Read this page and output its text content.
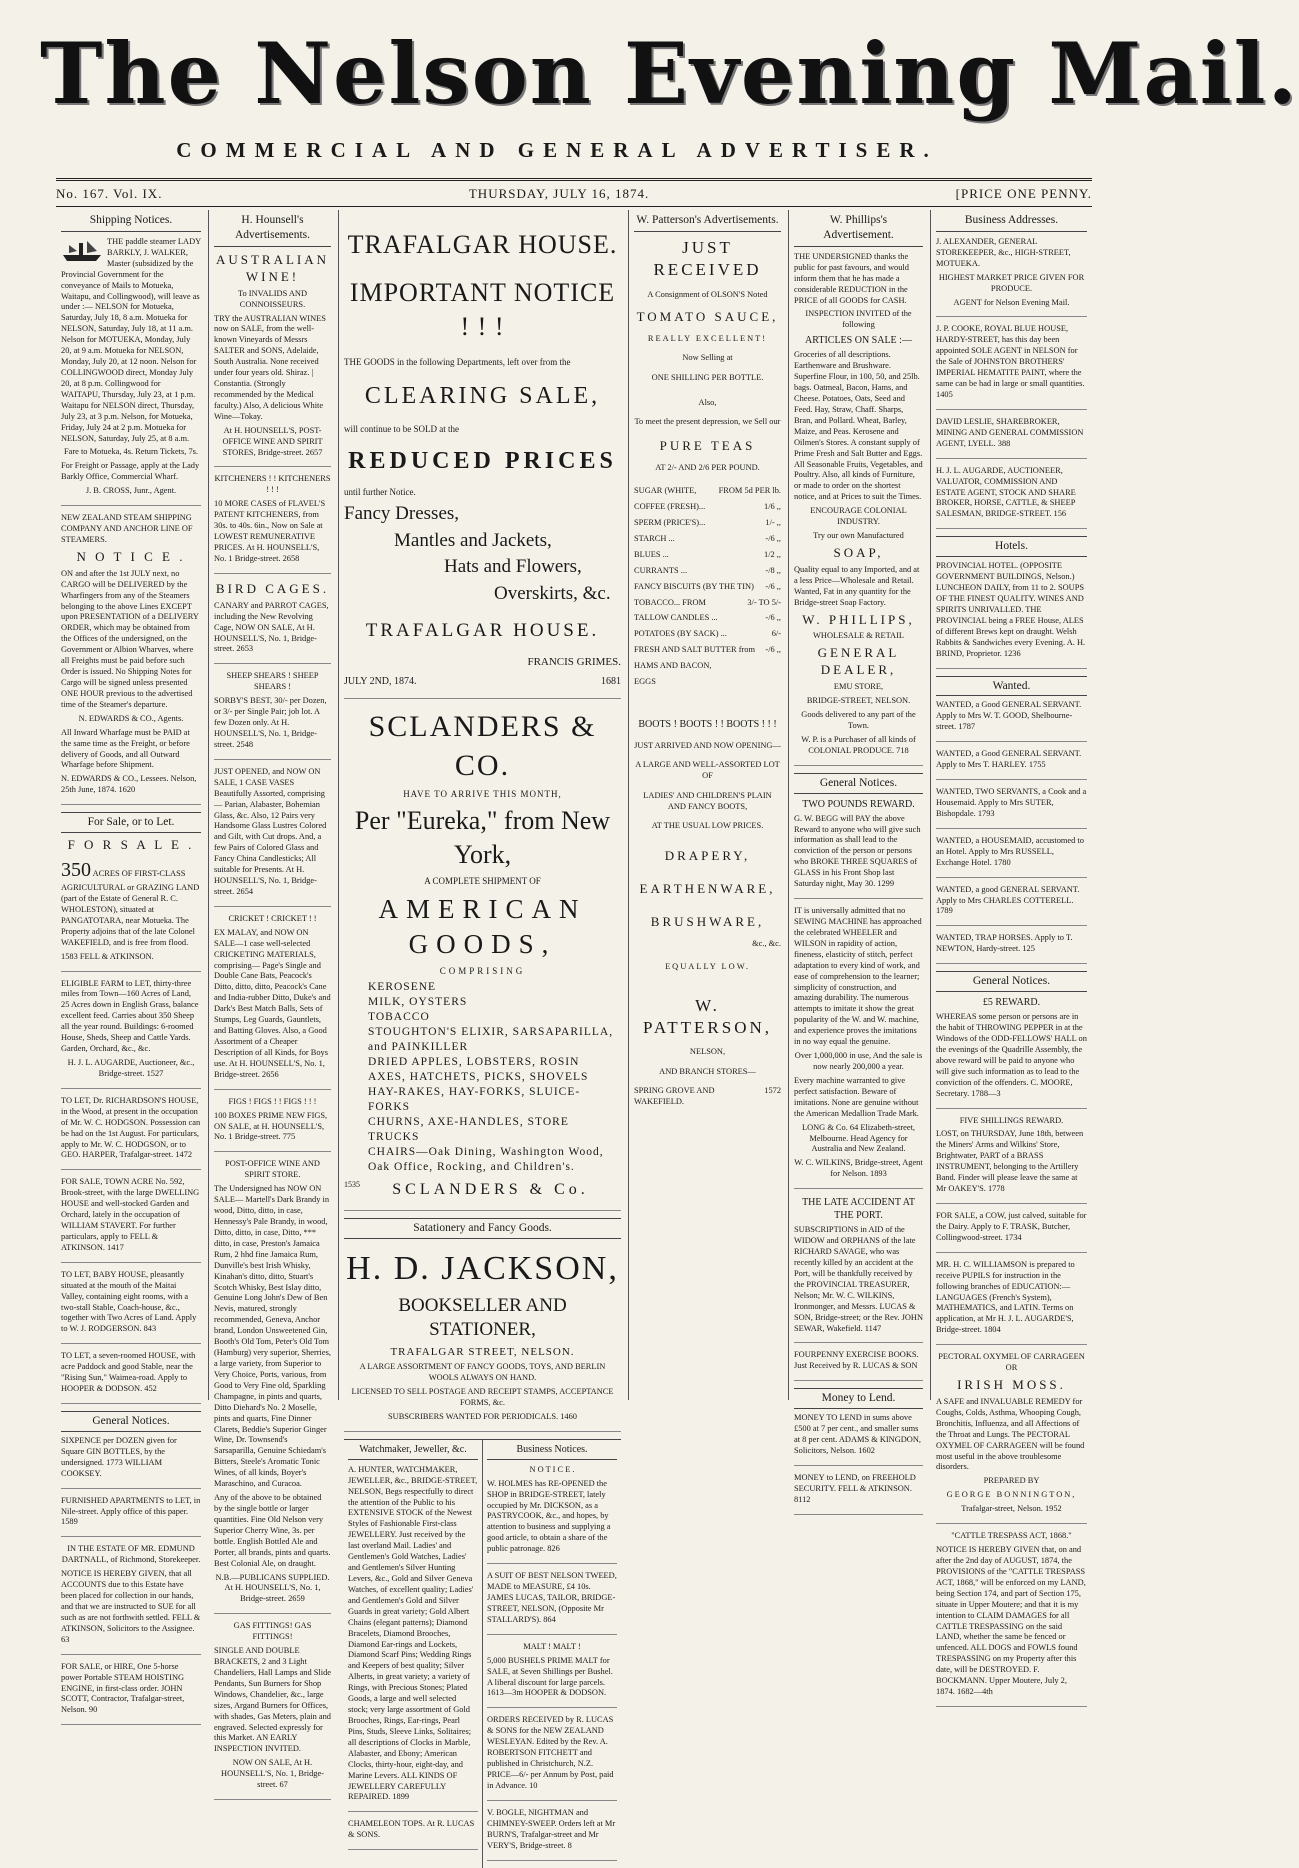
The Nelson Evening Mail.
COMMERCIAL AND GENERAL ADVERTISER.
No. 167. Vol. IX.	THURSDAY, JULY 16, 1874.	[PRICE ONE PENNY.
Shipping Notices.

THE paddle steamer LADY BARKLY, J. WALKER, Master (subsidized by the Provincial Government for the conveyance of Mails to Motueka, Waitapu, and Collingwood), will leave as under :— NELSON for Motueka, Saturday, July 18, 8 a.m. Motueka for NELSON, Saturday, July 18, at 11 a.m. Nelson for MOTUEKA, Monday, July 20, at 9 a.m. Motueka for NELSON, Monday, July 20, at 12 noon. Nelson for COLLINGWOOD direct, Monday July 20, at 8 p.m. Collingwood for WAITAPU, Thursday, July 23, at 1 p.m. Waitapu for NELSON direct, Thursday, July 23, at 3 p.m. Nelson, for Motueka, Friday, July 24 at 2 p.m. Motueka for NELSON, Saturday, July 25, at 8 a.m.

Fare to Motueka, 4s. Return Tickets, 7s.

For Freight or Passage, apply at the Lady Barkly Office, Commercial Wharf.

J. B. CROSS, Junr., Agent.

NEW ZEALAND STEAM SHIPPING COMPANY AND ANCHOR LINE OF STEAMERS.

N O T I C E .

ON and after the 1st JULY next, no CARGO will be DELIVERED by the Wharfingers from any of the Steamers belonging to the above Lines EXCEPT upon PRESENTATION of a DELIVERY ORDER, which may be obtained from the Offices of the undersigned, on the Government or Albion Wharves, where all Freights must be paid before such Order is issued. No Shipping Notes for Cargo will be signed unless presented ONE HOUR previous to the advertised time of the Steamer's departure.

N. EDWARDS & CO., Agents.

All Inward Wharfage must be PAID at the same time as the Freight, or before delivery of Goods, and all Outward Wharfage before Shipment.

N. EDWARDS & CO., Lessees. Nelson, 25th June, 1874. 1620

For Sale, or to Let.

F O R S A L E .

350 ACRES OF FIRST-CLASS AGRICULTURAL or GRAZING LAND (part of the Estate of General R. C. WHOLESTON), situated at PANGATOTARA, near Motueka. The Property adjoins that of the late Colonel WAKEFIELD, and is free from flood.

1583 FELL & ATKINSON.

ELIGIBLE FARM to LET, thirty-three miles from Town—160 Acres of Land, 25 Acres down in English Grass, balance excellent feed. Carries about 350 Sheep all the year round. Buildings: 6-roomed House, Sheds, Sheep and Cattle Yards. Garden, Orchard, &c., &c.

H. J. L. AUGARDE, Auctioneer, &c., Bridge-street. 1527

TO LET, Dr. RICHARDSON'S HOUSE, in the Wood, at present in the occupation of Mr. W. C. HODGSON. Possession can be had on the 1st August. For particulars, apply to Mr. W. C. HODGSON, or to GEO. HARPER, Trafalgar-street. 1472

FOR SALE, TOWN ACRE No. 592, Brook-street, with the large DWELLING HOUSE and well-stocked Garden and Orchard, lately in the occupation of WILLIAM STAVERT. For further particulars, apply to FELL & ATKINSON. 1417

TO LET, BABY HOUSE, pleasantly situated at the mouth of the Maitai Valley, containing eight rooms, with a two-stall Stable, Coach-house, &c., together with Two Acres of Land. Apply to W. J. RODGERSON. 843

TO LET, a seven-roomed HOUSE, with acre Paddock and good Stable, near the "Rising Sun," Waimea-road. Apply to HOOPER & DODSON. 452

General Notices.

SIXPENCE per DOZEN given for Square GIN BOTTLES, by the undersigned. 1773 WILLIAM COOKSEY.

FURNISHED APARTMENTS to LET, in Nile-street. Apply office of this paper. 1589

IN THE ESTATE OF MR. EDMUND DARTNALL, of Richmond, Storekeeper.

NOTICE IS HEREBY GIVEN, that all ACCOUNTS due to this Estate have been placed for collection in our hands, and that we are instructed to SUE for all such as are not forthwith settled. FELL & ATKINSON, Solicitors to the Assignee. 63

FOR SALE, or HIRE, One 5-horse power Portable STEAM HOISTING ENGINE, in first-class order. JOHN SCOTT, Contractor, Trafalgar-street, Nelson. 90

H. Hounsell's Advertisements.

AUSTRALIAN WINE!

To INVALIDS AND CONNOISSEURS.

TRY the AUSTRALIAN WINES now on SALE, from the well-known Vineyards of Messrs SALTER and SONS, Adelaide, South Australia. None received under four years old. Shiraz. | Constantia. (Strongly recommended by the Medical faculty.) Also, A delicious White Wine—Tokay.

At H. HOUNSELL'S, POST-OFFICE WINE AND SPIRIT STORES, Bridge-street. 2657

KITCHENERS ! ! KITCHENERS ! ! !

10 MORE CASES of FLAVEL'S PATENT KITCHENERS, from 30s. to 40s. 6in., Now on Sale at LOWEST REMUNERATIVE PRICES. At H. HOUNSELL'S, No. 1 Bridge-street. 2658

BIRD CAGES.

CANARY and PARROT CAGES, including the New Revolving Cage, NOW ON SALE, At H. HOUNSELL'S, No. 1, Bridge-street. 2653

SHEEP SHEARS ! SHEEP SHEARS !

SORBY'S BEST, 30/- per Dozen, or 3/- per Single Pair; job lot. A few Dozen only. At H. HOUNSELL'S, No. 1, Bridge-street. 2548

JUST OPENED, and NOW ON SALE, 1 CASE VASES Beautifully Assorted, comprising— Parian, Alabaster, Bohemian Glass, &c. Also, 12 Pairs very Handsome Glass Lustres Colored and Gilt, with Cut drops. And, a few Pairs of Colored Glass and Fancy China Candlesticks; All suitable for Presents. At H. HOUNSELL'S, No. 1, Bridge-street. 2654

CRICKET ! CRICKET ! !

EX MALAY, and NOW ON SALE—1 case well-selected CRICKETING MATERIALS, comprising— Page's Single and Double Cane Bats, Peacock's Ditto, ditto, ditto, Peacock's Cane and India-rubber Ditto, Duke's and Dark's Best Match Balls, Sets of Stumps, Leg Guards, Gauntlets, and Batting Gloves. Also, a Good Assortment of a Cheaper Description of all Kinds, for Boys use. At H. HOUNSELL'S, No. 1, Bridge-street. 2656

FIGS ! FIGS ! ! FIGS ! ! !

100 BOXES PRIME NEW FIGS, ON SALE, at H. HOUNSELL'S, No. 1 Bridge-street. 775

POST-OFFICE WINE AND SPIRIT STORE.

The Undersigned has NOW ON SALE— Martell's Dark Brandy in wood, Ditto, ditto, in case, Hennessy's Pale Brandy, in wood, Ditto, ditto, in case, Ditto, *** ditto, in case, Preston's Jamaica Rum, 2 hhd fine Jamaica Rum, Dunville's best Irish Whisky, Kinahan's ditto, ditto, Stuart's Scotch Whisky, Best Islay ditto, Genuine Long John's Dew of Ben Nevis, matured, strongly recommended, Geneva, Anchor brand, London Unsweetened Gin, Booth's Old Tom, Peter's Old Tom (Hamburg) very superior, Sherries, a large variety, from Superior to Very Choice, Ports, various, from Good to Very Fine old, Sparkling Champagne, in pints and quarts, Ditto Diehard's No. 2 Moselle, pints and quarts, Fine Dinner Clarets, Beddie's Superior Ginger Wine, Dr. Townsend's Sarsaparilla, Genuine Schiedam's Bitters, Steele's Aromatic Tonic Wines, of all kinds, Boyer's Maraschino, and Curacoa.

Any of the above to be obtained by the single bottle or larger quantities. Fine Old Nelson very Superior Cherry Wine, 3s. per bottle. English Bottled Ale and Porter, all brands, pints and quarts. Best Colonial Ale, on draught.

N.B.—PUBLICANS SUPPLIED. At H. HOUNSELL'S, No. 1, Bridge-street. 2659

GAS FITTINGS! GAS FITTINGS!

SINGLE AND DOUBLE BRACKETS, 2 and 3 Light Chandeliers, Hall Lamps and Slide Pendants, Sun Burners for Shop Windows, Chandelier, &c., large sizes, Argand Burners for Offices, with shades, Gas Meters, plain and engraved. Selected expressly for this Market. AN EARLY INSPECTION INVITED.

NOW ON SALE, At H. HOUNSELL'S, No. 1, Bridge-street. 67

TRAFALGAR HOUSE.
IMPORTANT NOTICE ! ! !

THE GOODS in the following Departments, left over from the

CLEARING SALE,

will continue to be SOLD at the

REDUCED PRICES

until further Notice.

Fancy Dresses,
Mantles and Jackets,
Hats and Flowers,
Overskirts, &c.
TRAFALGAR HOUSE.

FRANCIS GRIMES.

JULY 2ND, 1874.	1681
SCLANDERS & CO.

HAVE TO ARRIVE THIS MONTH,

Per "Eureka," from New York,

A COMPLETE SHIPMENT OF

AMERICAN GOODS,

COMPRISING

KEROSENE
MILK, OYSTERS
TOBACCO
STOUGHTON'S ELIXIR, SARSAPARILLA, and PAINKILLER
DRIED APPLES, LOBSTERS, ROSIN
AXES, HATCHETS, PICKS, SHOVELS
HAY-RAKES, HAY-FORKS, SLUICE-FORKS
CHURNS, AXE-HANDLES, STORE TRUCKS
CHAIRS—Oak Dining, Washington Wood, Oak Office, Rocking, and Children's.
1535 SCLANDERS & Co.
Satationery and Fancy Goods.
H. D. JACKSON,
BOOKSELLER AND STATIONER,

TRAFALGAR STREET, NELSON.

A LARGE ASSORTMENT OF FANCY GOODS, TOYS, AND BERLIN WOOLS ALWAYS ON HAND.

LICENSED TO SELL POSTAGE AND RECEIPT STAMPS, ACCEPTANCE FORMS, &c.

SUBSCRIBERS WANTED FOR PERIODICALS. 1460

Watchmaker, Jeweller, &c.

A. HUNTER, WATCHMAKER, JEWELLER, &c., BRIDGE-STREET, NELSON, Begs respectfully to direct the attention of the Public to his EXTENSIVE STOCK of the Newest Styles of Fashionable First-class JEWELLERY. Just received by the last overland Mail. Ladies' and Gentlemen's Gold Watches, Ladies' and Gentlemen's Silver Hunting Levers, &c., Gold and Silver Geneva Watches, of excellent quality; Ladies' and Gentlemen's Gold and Silver Guards in great variety; Gold Albert Chains (elegant patterns); Diamond Bracelets, Diamond Brooches, Diamond Ear-rings and Lockets, Diamond Scarf Pins; Wedding Rings and Keepers of best quality; Silver Alberts, in great variety; a variety of Rings, with Precious Stones; Plated Goods, a large and well selected stock; very large assortment of Gold Brooches, Rings, Ear-rings, Pearl Pins, Studs, Sleeve Links, Solitaires; all descriptions of Clocks in Marble, Alabaster, and Ebony; American Clocks, thirty-hour, eight-day, and Marine Levers. ALL KINDS OF JEWELLERY CAREFULLY REPAIRED. 1899

CHAMELEON TOPS. At R. LUCAS & SONS.

Business Notices.

N O T I C E .

W. HOLMES has RE-OPENED the SHOP in BRIDGE-STREET, lately occupied by Mr. DICKSON, as a PASTRYCOOK, &c., and hopes, by attention to business and supplying a good article, to obtain a share of the public patronage. 826

A SUIT OF BEST NELSON TWEED, MADE to MEASURE, £4 10s. JAMES LUCAS, TAILOR, BRIDGE-STREET, NELSON, (Opposite Mr STALLARD'S). 864

MALT ! MALT !

5,000 BUSHELS PRIME MALT for SALE, at Seven Shillings per Bushel. A liberal discount for large parcels. 1613—3m HOOPER & DODSON.

ORDERS RECEIVED by R. LUCAS & SONS for the NEW ZEALAND WESLEYAN. Edited by the Rev. A. ROBERTSON FITCHETT and published in Christchurch, N.Z. PRICE—6/- per Annum by Post, paid in Advance. 10

V. BOGLE, NIGHTMAN and CHIMNEY-SWEEP. Orders left at Mr BURN'S, Trafalgar-street and Mr VERY'S, Bridge-street. 8

W. Patterson's Advertisements.

JUST RECEIVED

A Consignment of OLSON'S Noted

TOMATO SAUCE,

REALLY EXCELLENT!

Now Selling at

ONE SHILLING PER BOTTLE.

Also,

To meet the present depression, we Sell our

PURE TEAS

AT 2/- AND 2/6 PER POUND.

SUGAR (WHITE,	FROM 5d PER lb.
COFFEE (FRESH)...	1/6 ,,
SPERM (PRICE'S)...	1/- ,,
STARCH ...	-/6 ,,
BLUES ...	1/2 ,,
CURRANTS ...	-/8 ,,
FANCY BISCUITS (BY THE TIN) -/6 ,,
TOBACCO... FROM	3/- TO 5/-
TALLOW CANDLES ...	-/6 ,,
POTATOES (BY SACK) ...	6/-
FRESH AND SALT BUTTER from -/6 ,,
HAMS AND BACON,
EGGS

BOOTS ! BOOTS ! ! BOOTS ! ! !

JUST ARRIVED AND NOW OPENING—

A LARGE AND WELL-ASSORTED LOT OF

LADIES' AND CHILDREN'S PLAIN AND FANCY BOOTS,

AT THE USUAL LOW PRICES.

DRAPERY,

EARTHENWARE,

BRUSHWARE,

&c., &c.

EQUALLY LOW.

W. PATTERSON,

NELSON,

AND BRANCH STORES—

SPRING GROVE AND WAKEFIELD.
1572
W. Phillips's Advertisement.

THE UNDERSIGNED thanks the public for past favours, and would inform them that he has made a considerable REDUCTION in the PRICE of all GOODS for CASH.

INSPECTION INVITED of the following

ARTICLES ON SALE :—

Groceries of all descriptions. Earthenware and Brushware. Superfine Flour, in 100, 50, and 25lb. bags. Oatmeal, Bacon, Hams, and Cheese. Potatoes, Oats, Seed and Feed. Hay, Straw, Chaff. Sharps, Bran, and Pollard. Wheat, Barley, Maize, and Peas. Kerosene and Oilmen's Stores. A constant supply of Prime Fresh and Salt Butter and Eggs. All Seasonable Fruits, Vegetables, and Poultry. Also, all kinds of Furniture, or made to order on the shortest notice, and at Prices to suit the Times.

ENCOURAGE COLONIAL INDUSTRY.

Try our own Manufactured

SOAP,

Quality equal to any Imported, and at a less Price—Wholesale and Retail. Wanted, Fat in any quantity for the Bridge-street Soap Factory.

W. PHILLIPS,

WHOLESALE & RETAIL

GENERAL DEALER,

EMU STORE,

BRIDGE-STREET, NELSON.

Goods delivered to any part of the Town.

W. P. is a Purchaser of all kinds of COLONIAL PRODUCE. 718

General Notices.

TWO POUNDS REWARD.

G. W. BEGG will PAY the above Reward to anyone who will give such information as shall lead to the conviction of the person or persons who BROKE THREE SQUARES of GLASS in his Front Shop last Saturday night, May 30. 1299

IT is universally admitted that no SEWING MACHINE has approached the celebrated WHEELER and WILSON in rapidity of action, fineness, elasticity of stitch, perfect adaptation to every kind of work, and ease of comprehension to the learner; simplicity of construction, and amazing durability. The numerous attempts to imitate it show the great popularity of the W. and W. machine, and experience proves the imitations in no way equal the genuine.

Over 1,000,000 in use, And the sale is now nearly 200,000 a year.

Every machine warranted to give perfect satisfaction. Beware of imitations. None are genuine without the American Medallion Trade Mark.

LONG & Co. 64 Elizabeth-street, Melbourne. Head Agency for Australia and New Zealand.

W. C. WILKINS, Bridge-street, Agent for Nelson. 1893

THE LATE ACCIDENT AT THE PORT.

SUBSCRIPTIONS in AID of the WIDOW and ORPHANS of the late RICHARD SAVAGE, who was recently killed by an accident at the Port, will be thankfully received by the PROVINCIAL TREASURER, Nelson; Mr. W. C. WILKINS, Ironmonger, and Messrs. LUCAS & SON, Bridge-street; or the Rev. JOHN SEWAR, Wakefield. 1147

FOURPENNY EXERCISE BOOKS. Just Received by R. LUCAS & SON

Money to Lend.

MONEY TO LEND in sums above £500 at 7 per cent., and smaller sums at 8 per cent. ADAMS & KINGDON, Solicitors, Nelson. 1602

MONEY to LEND, on FREEHOLD SECURITY. FELL & ATKINSON. 8112

Business Addresses.

J. ALEXANDER, GENERAL STOREKEEPER, &c., HIGH-STREET, MOTUEKA.

HIGHEST MARKET PRICE GIVEN FOR PRODUCE.

AGENT for Nelson Evening Mail.

J. P. COOKE, ROYAL BLUE HOUSE, HARDY-STREET, has this day been appointed SOLE AGENT in NELSON for the Sale of JOHNSTON BROTHERS' IMPERIAL HEMATITE PAINT, where the same can be had in large or small quantities. 1405

DAVID LESLIE, SHAREBROKER, MINING AND GENERAL COMMISSION AGENT, LYELL. 388

H. J. L. AUGARDE, AUCTIONEER, VALUATOR, COMMISSION AND ESTATE AGENT, STOCK AND SHARE BROKER, HORSE, CATTLE, & SHEEP SALESMAN, BRIDGE-STREET. 156

Hotels.

PROVINCIAL HOTEL. (OPPOSITE GOVERNMENT BUILDINGS, Nelson.) LUNCHEON DAILY, from 11 to 2. SOUPS OF THE FINEST QUALITY. WINES AND SPIRITS UNRIVALLED. THE PROVINCIAL being a FREE House, ALES of different Brews kept on draught. Welsh Rabbits & Sandwiches every Evening. A. H. BRIND, Proprietor. 1236

Wanted.

WANTED, a Good GENERAL SERVANT. Apply to Mrs W. T. GOOD, Shelbourne-street. 1787

WANTED, a Good GENERAL SERVANT. Apply to Mrs T. HARLEY. 1755

WANTED, TWO SERVANTS, a Cook and a Housemaid. Apply to Mrs SUTER, Bishopdale. 1793

WANTED, a HOUSEMAID, accustomed to an Hotel. Apply to Mrs RUSSELL, Exchange Hotel. 1780

WANTED, a good GENERAL SERVANT. Apply to Mrs CHARLES COTTERELL. 1789

WANTED, TRAP HORSES. Apply to T. NEWTON, Hardy-street. 125

General Notices.

£5 REWARD.

WHEREAS some person or persons are in the habit of THROWING PEPPER in at the Windows of the ODD-FELLOWS' HALL on the evenings of the Quadrille Assembly, the above reward will be paid to anyone who will give such information as to lead to the conviction of the offenders. C. MOORE, Secretary. 1788—3

FIVE SHILLINGS REWARD.

LOST, on THURSDAY, June 18th, between the Miners' Arms and Wilkins' Store, Brightwater, PART of a BRASS INSTRUMENT, belonging to the Artillery Band. Finder will please leave the same at Mr OAKEY'S. 1778

FOR SALE, a COW, just calved, suitable for the Dairy. Apply to F. TRASK, Butcher, Collingwood-street. 1734

MR. H. C. WILLIAMSON is prepared to receive PUPILS for instruction in the following branches of EDUCATION:— LANGUAGES (French's System), MATHEMATICS, and LATIN. Terms on application, at Mr H. J. L. AUGARDE'S, Bridge-street. 1804

PECTORAL OXYMEL OF CARRAGEEN OR

IRISH MOSS.

A SAFE and INVALUABLE REMEDY for Coughs, Colds, Asthma, Whooping Cough, Bronchitis, Influenza, and all Affections of the Throat and Lungs. The PECTORAL OXYMEL OF CARRAGEEN will be found most useful in the above troublesome disorders.

PREPARED BY

GEORGE BONNINGTON,

Trafalgar-street, Nelson. 1952

"CATTLE TRESPASS ACT, 1868."

NOTICE IS HEREBY GIVEN that, on and after the 2nd day of AUGUST, 1874, the PROVISIONS of the "CATTLE TRESPASS ACT, 1868," will be enforced on my LAND, being Section 174, and part of Section 175, situate in Upper Moutere; and that it is my intention to CLAIM DAMAGES for all CATTLE TRESPASSING on the said LAND, whether the same be fenced or unfenced. ALL DOGS and FOWLS found TRESPASSING on my Property after this date, will be DESTROYED. F. BOCKMANN. Upper Moutere, July 2, 1874. 1682—4th
